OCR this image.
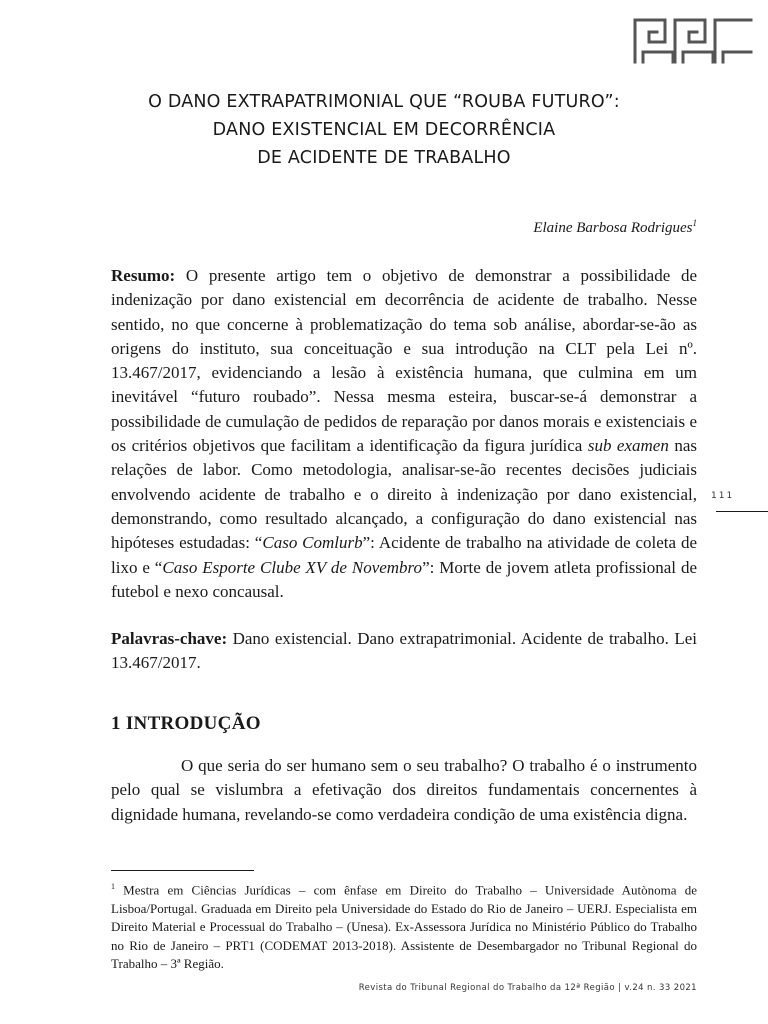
O DANO EXTRAPATRIMONIAL QUE “ROUBA FUTURO”:
DANO EXISTENCIAL EM DECORRÊNCIA
DE ACIDENTE DE TRABALHO
Elaine Barbosa Rodrigues$^1$
Resumo: O presente artigo tem o objetivo de demonstrar a possibilidade de indenização por dano existencial em decorrência de acidente de trabalho. Nesse sentido, no que concerne à problematização do tema sob análise, abordar-se-ão as origens do instituto, sua conceituação e sua introdução na CLT pela Lei nº. 13.467/2017, evidenciando a lesão à existência humana, que culmina em um inevitável “futuro roubado”. Nessa mesma esteira, buscar-se-á demonstrar a possibilidade de cumulação de pedidos de reparação por danos morais e existenciais e os critérios objetivos que facilitam a identificação da figura jurídica sub examen nas relações de labor. Como metodologia, analisar-se-ão recentes decisões judiciais envolvendo acidente de trabalho e o direito à indenização por dano existencial, demonstrando, como resultado alcançado, a configuração do dano existencial nas hipóteses estudadas: “Caso Comlurb”: Acidente de trabalho na atividade de coleta de lixo e “Caso Esporte Clube XV de Novembro”: Morte de jovem atleta profissional de futebol e nexo concausal.
Palavras-chave: Dano existencial. Dano extrapatrimonial. Acidente de trabalho. Lei 13.467/2017.
1 INTRODUÇÃO
O que seria do ser humano sem o seu trabalho? O trabalho é o instrumento pelo qual se vislumbra a efetivação dos direitos fundamentais concernentes à dignidade humana, revelando-se como verdadeira condição de uma existência digna.
$^1$ Mestra em Ciências Jurídicas – com ênfase em Direito do Trabalho – Universidade Autònoma de Lisboa/Portugal. Graduada em Direito pela Universidade do Estado do Rio de Janeiro – UERJ. Especialista em Direito Material e Processual do Trabalho – (Unesa). Ex-Assessora Jurídica no Ministério Público do Trabalho no Rio de Janeiro – PRT1 (CODEMAT 2013-2018). Assistente de Desembargador no Tribunal Regional do Trabalho – 3ª Região.
111
Revista do Tribunal Regional do Trabalho da 12ª Região | v.24 n. 33 2021
